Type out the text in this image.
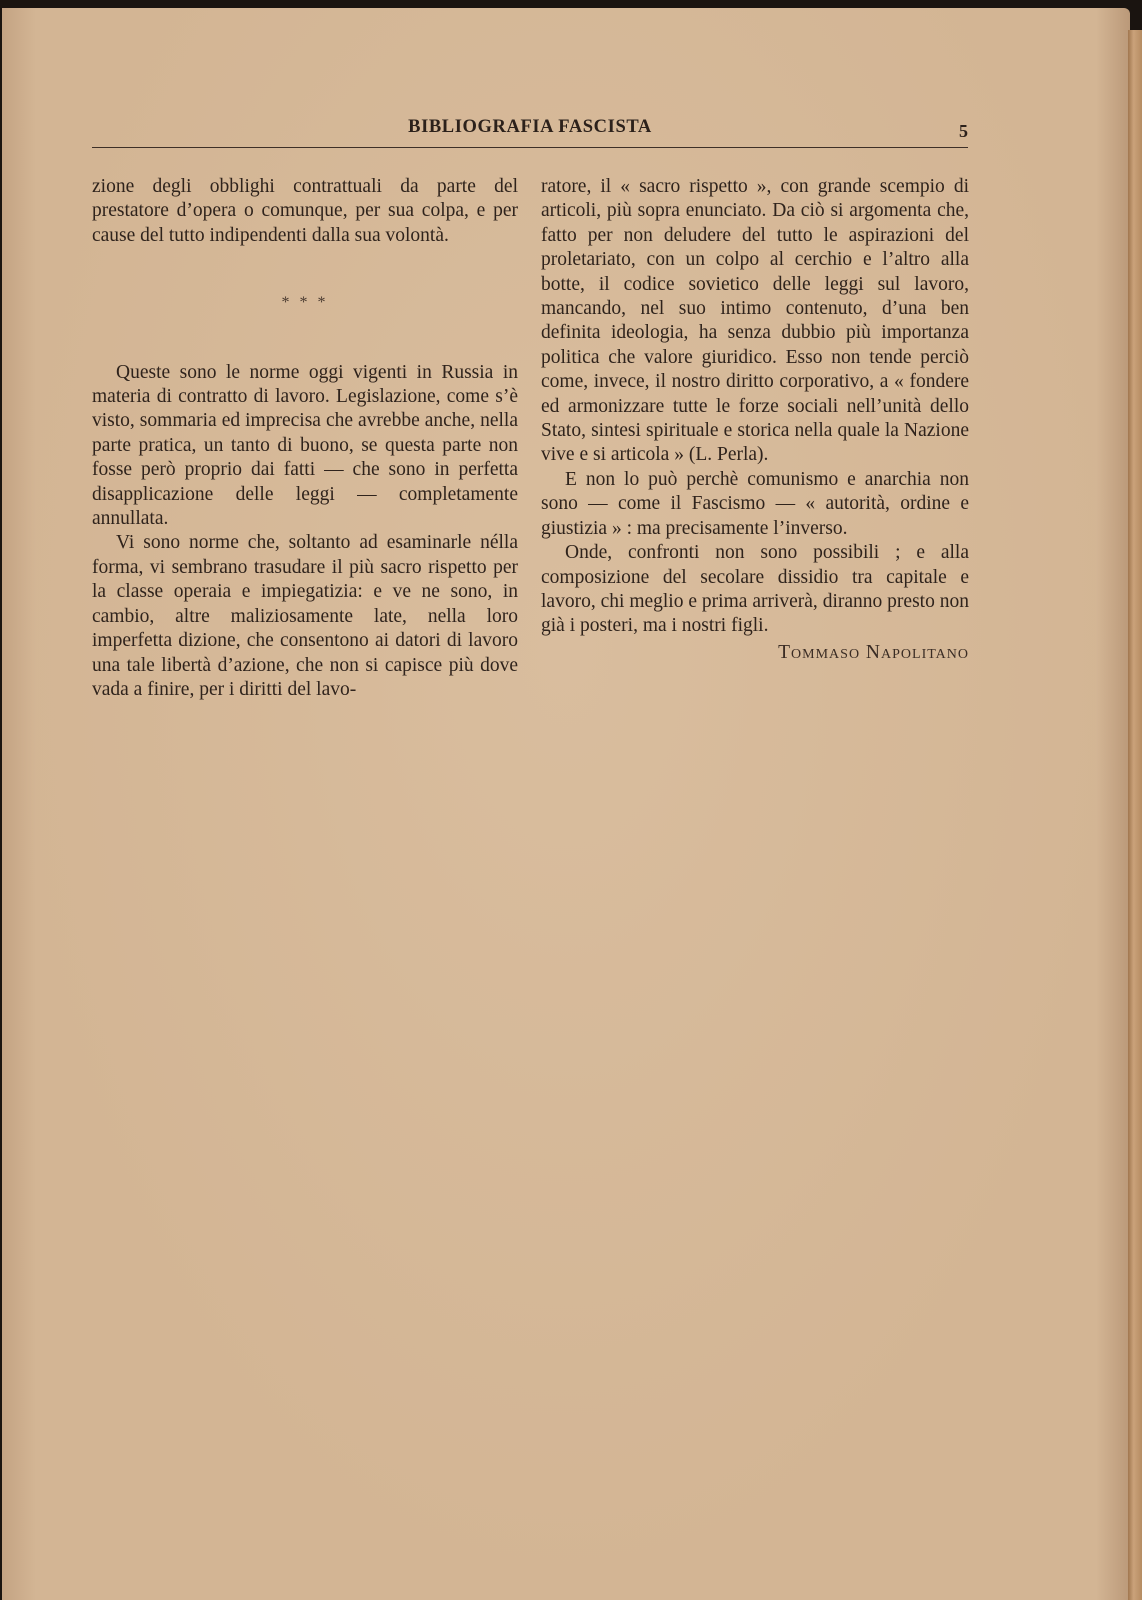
BIBLIOGRAFIA FASCISTA	5

zione degli obblighi contrattuali da parte del prestatore d’opera o comunque, per sua colpa, e per cause del tutto indipendenti dalla sua volontà.

* * *

Queste sono le norme oggi vigenti in Russia in materia di contratto di lavoro. Legislazione, come s’è visto, sommaria ed imprecisa che avrebbe anche, nella parte pratica, un tanto di buono, se questa parte non fosse però proprio dai fatti — che sono in perfetta disapplicazione delle leggi — completamente annullata.

Vi sono norme che, soltanto ad esaminarle nélla forma, vi sembrano trasudare il più sacro rispetto per la classe operaia e impiegatizia: e ve ne sono, in cambio, altre maliziosamente late, nella loro imperfetta dizione, che consentono ai datori di lavoro una tale libertà d’azione, che non si capisce più dove vada a finire, per i diritti del lavo-

ratore, il « sacro rispetto », con grande scempio di articoli, più sopra enunciato. Da ciò si argomenta che, fatto per non deludere del tutto le aspirazioni del proletariato, con un colpo al cerchio e l’altro alla botte, il codice sovietico delle leggi sul lavoro, mancando, nel suo intimo contenuto, d’una ben definita ideologia, ha senza dubbio più importanza politica che valore giuridico. Esso non tende perciò come, invece, il nostro diritto corporativo, a « fondere ed armonizzare tutte le forze sociali nell’unità dello Stato, sintesi spirituale e storica nella quale la Nazione vive e si articola » (L. Perla).

E non lo può perchè comunismo e anarchia non sono — come il Fascismo — « autorità, ordine e giustizia » : ma precisamente l’inverso.

Onde, confronti non sono possibili ; e alla composizione del secolare dissidio tra capitale e lavoro, chi meglio e prima arriverà, diranno presto non già i posteri, ma i nostri figli.

Tommaso Napolitano
